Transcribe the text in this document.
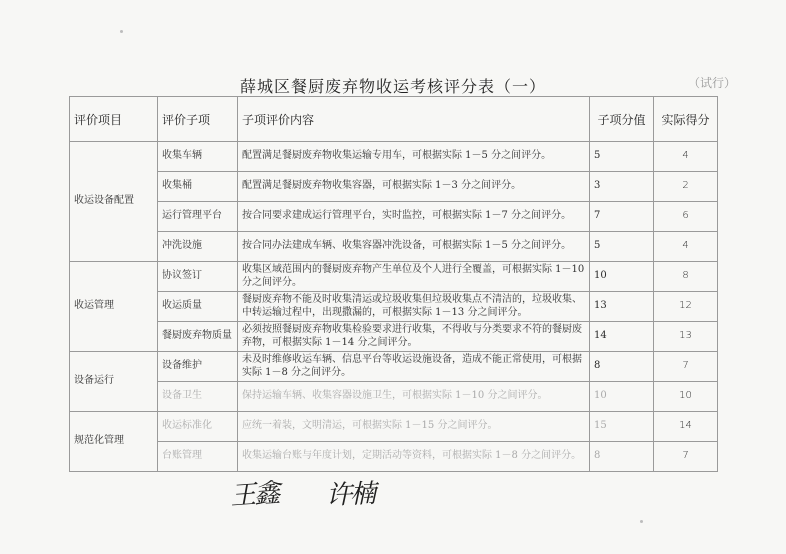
薛城区餐厨废弃物收运考核评分表（一）	（试行）
评价项目	评价子项	子项评价内容	子项分值	实际得分
收运设备配置	收集车辆	配置满足餐厨废弃物收集运输专用车，可根据实际 1－5 分之间评分。	5	4
	收集桶	配置满足餐厨废弃物收集容器，可根据实际 1－3 分之间评分。	3	2
	运行管理平台	按合同要求建成运行管理平台，实时监控，可根据实际 1－7 分之间评分。	7	6
	冲洗设施	按合同办法建成车辆、收集容器冲洗设备，可根据实际 1－5 分之间评分。	5	4
收运管理	协议签订	收集区域范围内的餐厨废弃物产生单位及个人进行全覆盖，可根据实际 1－10 分之间评分。	10	8
	收运质量	餐厨废弃物不能及时收集清运或垃圾收集但垃圾收集点不清洁的，垃圾收集、中转运输过程中，出现撒漏的，可根据实际 1－13 分之间评分。	13	12
	餐厨废弃物质量	必须按照餐厨废弃物收集检验要求进行收集，不得收与分类要求不符的餐厨废弃物，可根据实际 1－14 分之间评分。	14	13
设备运行	设备维护	未及时维修收运车辆、信息平台等收运设施设备，造成不能正常使用，可根据实际 1－8 分之间评分。	8	7
	设备卫生	保持运输车辆、收集容器设施卫生，可根据实际 1－10 分之间评分。	10	10
规范化管理	收运标准化	应统一着装，文明清运，可根据实际 1－15 分之间评分。	15	14
	台账管理	收集运输台账与年度计划，定期活动等资料，可根据实际 1－8 分之间评分。	8	7
王鑫 许楠
